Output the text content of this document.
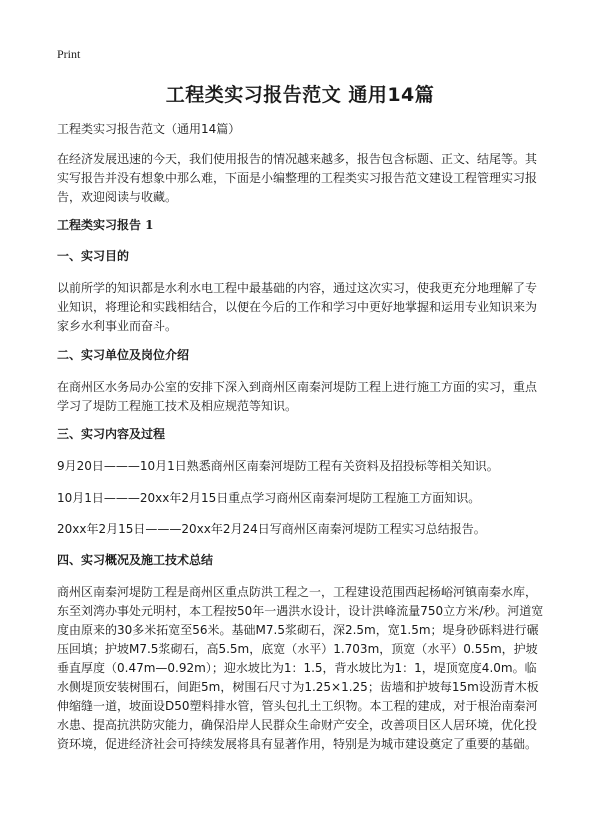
Print
工程类实习报告范文 通用14篇
工程类实习报告范文（通用14篇）
在经济发展迅速的今天，我们使用报告的情况越来越多，报告包含标题、正文、结尾等。其实写报告并没有想象中那么难，下面是小编整理的工程类实习报告范文建设工程管理实习报告，欢迎阅读与收藏。
工程类实习报告 1
一、实习目的
以前所学的知识都是水利水电工程中最基础的内容，通过这次实习，使我更充分地理解了专业知识，将理论和实践相结合，以便在今后的工作和学习中更好地掌握和运用专业知识来为家乡水利事业而奋斗。
二、实习单位及岗位介绍
在商州区水务局办公室的安排下深入到商州区南秦河堤防工程上进行施工方面的实习，重点学习了堤防工程施工技术及相应规范等知识。
三、实习内容及过程
9月20日———10月1日熟悉商州区南秦河堤防工程有关资料及招投标等相关知识。
10月1日———20xx年2月15日重点学习商州区南秦河堤防工程施工方面知识。
20xx年2月15日———20xx年2月24日写商州区南秦河堤防工程实习总结报告。
四、实习概况及施工技术总结
商州区南秦河堤防工程是商州区重点防洪工程之一，工程建设范围西起杨峪河镇南秦水库，东至刘湾办事处元明村，本工程按50年一遇洪水设计，设计洪峰流量750立方米/秒。河道宽度由原来的30多米拓宽至56米。基础M7.5浆砌石，深2.5m，宽1.5m；堤身砂砾料进行碾压回填；护坡M7.5浆砌石，高5.5m，底宽（水平）1.703m，顶宽（水平）0.55m，护坡垂直厚度（0.47m—0.92m）；迎水坡比为1：1.5，背水坡比为1：1，堤顶宽度4.0m。临水侧堤顶安装树围石，间距5m，树围石尺寸为1.25×1.25；齿墙和护坡每15m设沥青木板伸缩缝一道，坡面设D50塑料排水管，管头包扎土工织物。本工程的建成，对于根治南秦河水患、提高抗洪防灾能力，确保沿岸人民群众生命财产安全，改善项目区人居环境，优化投资环境，促进经济社会可持续发展将具有显著作用，特别是为城市建设奠定了重要的基础。
